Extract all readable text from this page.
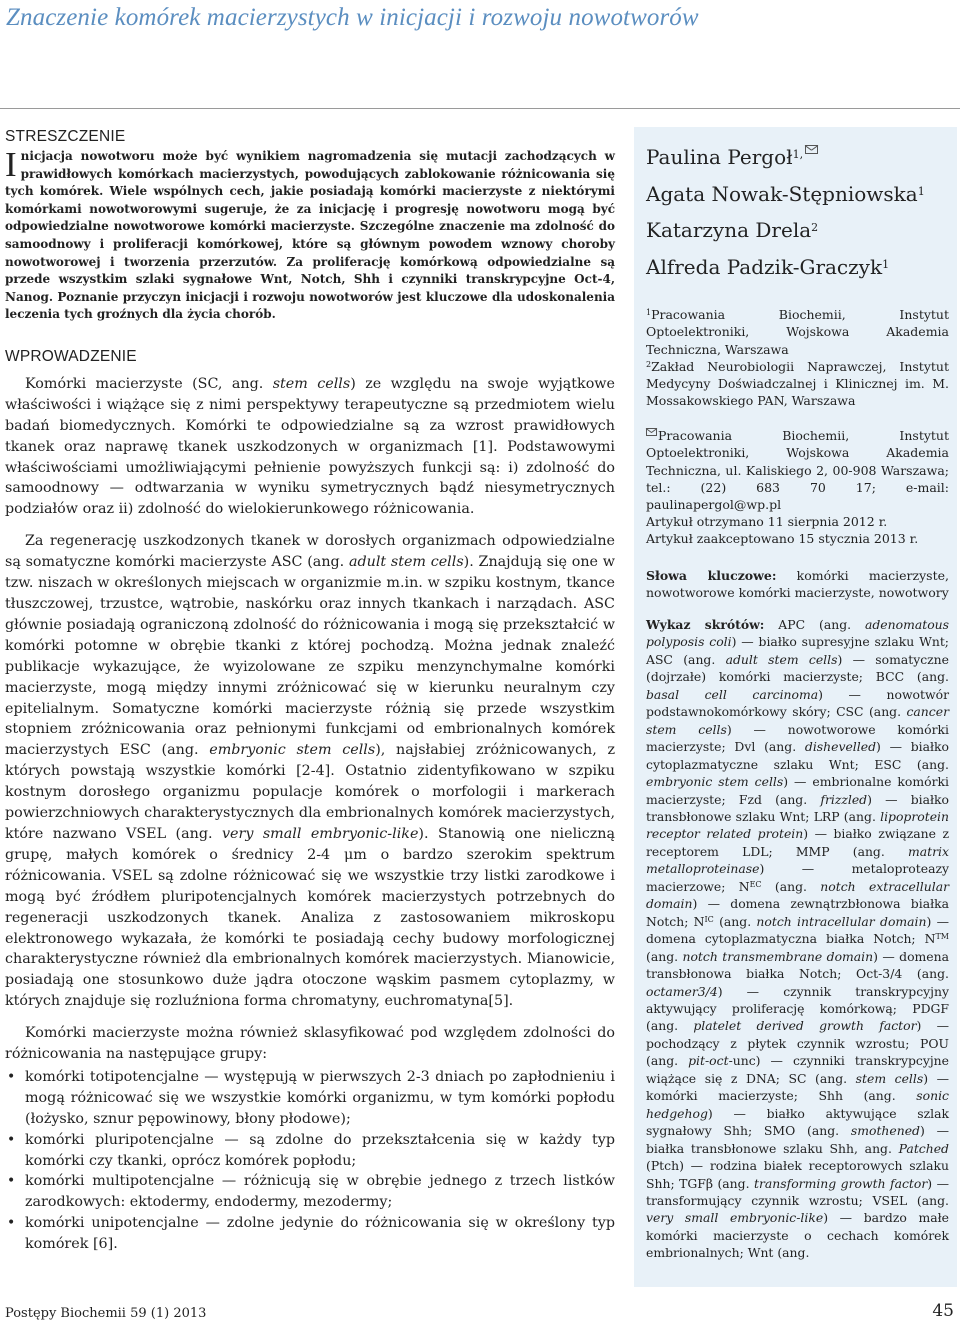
Znaczenie komórek macierzystych w inicjacji i rozwoju nowotworów
STRESZCZENIE
Inicjacja nowotworu może być wynikiem nagromadzenia się mutacji zachodzących w prawidłowych komórkach macierzystych, powodujących zablokowanie różnicowania się tych komórek. Wiele wspólnych cech, jakie posiadają komórki macierzyste z niektórymi komórkami nowotworowymi sugeruje, że za inicjację i progresję nowotworu mogą być odpowiedzialne nowotworowe komórki macierzyste. Szczególne znaczenie ma zdolność do samoodnowy i proliferacji komórkowej, które są głównym powodem wznowy choroby nowotworowej i tworzenia przerzutów. Za proliferację komórkową odpowiedzialne są przede wszystkim szlaki sygnałowe Wnt, Notch, Shh i czynniki transkrypcyjne Oct-4, Nanog. Poznanie przyczyn inicjacji i rozwoju nowotworów jest kluczowe dla udoskonalenia leczenia tych groźnych dla życia chorób.
WPROWADZENIE

Komórki macierzyste (SC, ang. stem cells) ze względu na swoje wyjątkowe właściwości i wiążące się z nimi perspektywy terapeutyczne są przedmiotem wielu badań biomedycznych. Komórki te odpowiedzialne są za wzrost prawidłowych tkanek oraz naprawę tkanek uszkodzonych w organizmach [1]. Podstawowymi właściwościami umożliwiającymi pełnienie powyższych funkcji są: i) zdolność do samoodnowy — odtwarzania w wyniku symetrycznych bądź niesymetrycznych podziałów oraz ii) zdolność do wielokierunkowego różnicowania.

Za regenerację uszkodzonych tkanek w dorosłych organizmach odpowiedzialne są somatyczne komórki macierzyste ASC (ang. adult stem cells). Znajdują się one w tzw. niszach w określonych miejscach w organizmie m.in. w szpiku kostnym, tkance tłuszczowej, trzustce, wątrobie, naskórku oraz innych tkankach i narządach. ASC głównie posiadają ograniczoną zdolność do różnicowania i mogą się przekształcić w komórki potomne w obrębie tkanki z której pochodzą. Można jednak znaleźć publikacje wykazujące, że wyizolowane ze szpiku menzynchymalne komórki macierzyste, mogą między innymi zróżnicować się w kierunku neuralnym czy epitelialnym. Somatyczne komórki macierzyste różnią się przede wszystkim stopniem zróżnicowania oraz pełnionymi funkcjami od embrionalnych komórek macierzystych ESC (ang. embryonic stem cells), najsłabiej zróżnicowanych, z których powstają wszystkie komórki [2-4]. Ostatnio zidentyfikowano w szpiku kostnym dorosłego organizmu populacje komórek o morfologii i markerach powierzchniowych charakterystycznych dla embrionalnych komórek macierzystych, które nazwano VSEL (ang. very small embryonic-like). Stanowią one nieliczną grupę, małych komórek o średnicy 2-4 μm o bardzo szerokim spektrum różnicowania. VSEL są zdolne różnicować się we wszystkie trzy listki zarodkowe i mogą być źródłem pluripotencjalnych komórek macierzystych potrzebnych do regeneracji uszkodzonych tkanek. Analiza z zastosowaniem mikroskopu elektronowego wykazała, że komórki te posiadają cechy budowy morfologicznej charakterystyczne również dla embrionalnych komórek macierzystych. Mianowicie, posiadają one stosunkowo duże jądra otoczone wąskim pasmem cytoplazmy, w których znajduje się rozluźniona forma chromatyny, euchromatyna[5].

Komórki macierzyste można również sklasyfikować pod względem zdolności do różnicowania na następujące grupy:

• komórki totipotencjalne — występują w pierwszych 2-3 dniach po zapłodnieniu i mogą różnicować się we wszystkie komórki organizmu, w tym komórki popłodu (łożysko, sznur pępowinowy, błony płodowe);
• komórki pluripotencjalne — są zdolne do przekształcenia się w każdy typ komórki czy tkanki, oprócz komórek popłodu;
• komórki multipotencjalne — różnicują się w obrębie jednego z trzech listków zarodkowych: ektodermy, endodermy, mezodermy;
• komórki unipotencjalne — zdolne jedynie do różnicowania się w określony typ komórek [6].
Paulina Pergoł$^{1,}$
Agata Nowak-Stępniowska$^1$
Katarzyna Drela$^2$
Alfreda Padzik-Graczyk$^1$

$^1$Pracowania Biochemii, Instytut Optoelektroniki, Wojskowa Akademia Techniczna, Warszawa

$^2$Zakład Neurobiologii Naprawczej, Instytut Medycyny Doświadczalnej i Klinicznej im. M. Mossakowskiego PAN, Warszawa

Pracowania Biochemii, Instytut Optoelektroniki, Wojskowa Akademia Techniczna, ul. Kaliskiego 2, 00-908 Warszawa; tel.: (22) 683 70 17; e-mail: paulinapergol@wp.pl
Artykuł otrzymano 11 sierpnia 2012 r.
Artykuł zaakceptowano 15 stycznia 2013 r.
Słowa kluczowe: komórki macierzyste, nowotworowe komórki macierzyste, nowotwory
Wykaz skrótów: APC (ang. adenomatous polyposis coli) — białko supresyjne szlaku Wnt; ASC (ang. adult stem cells) — somatyczne (dojrzałe) komórki macierzyste; BCC (ang. basal cell carcinoma) — nowotwór podstawnokomórkowy skóry; CSC (ang. cancer stem cells) — nowotworowe komórki macierzyste; Dvl (ang. dishevelled) — białko cytoplazmatyczne szlaku Wnt; ESC (ang. embryonic stem cells) — embrionalne komórki macierzyste; Fzd (ang. frizzled) — białko transbłonowe szlaku Wnt; LRP (ang. lipoprotein receptor related protein) — białko związane z receptorem LDL; MMP (ang. matrix metalloproteinase) — metaloproteazy macierzowe; $N^{EC}$ (ang. notch extracellular domain) — domena zewnątrzbłonowa białka Notch; $N^{IC}$ (ang. notch intracellular domain) — domena cytoplazmatyczna białka Notch; N™ (ang. notch transmembrane domain) — domena transbłonowa białka Notch; Oct-3/4 (ang. octamer3/4) — czynnik transkrypcyjny aktywujący proliferację komórkową; PDGF (ang. platelet derived growth factor) — pochodzący z płytek czynnik wzrostu; POU (ang. pit-oct-unc) — czynniki transkrypcyjne wiążące się z DNA; SC (ang. stem cells) — komórki macierzyste; Shh (ang. sonic hedgehog) — białko aktywujące szlak sygnałowy Shh; SMO (ang. smothened) — białka transbłonowe szlaku Shh, ang. Patched (Ptch) — rodzina białek receptorowych szlaku Shh; TGFβ (ang. transforming growth factor) — transformujący czynnik wzrostu; VSEL (ang. very small embryonic-like) — bardzo małe komórki macierzyste o cechach komórek embrionalnych; Wnt (ang.
Postępy Biochemii 59 (1) 2013	45
